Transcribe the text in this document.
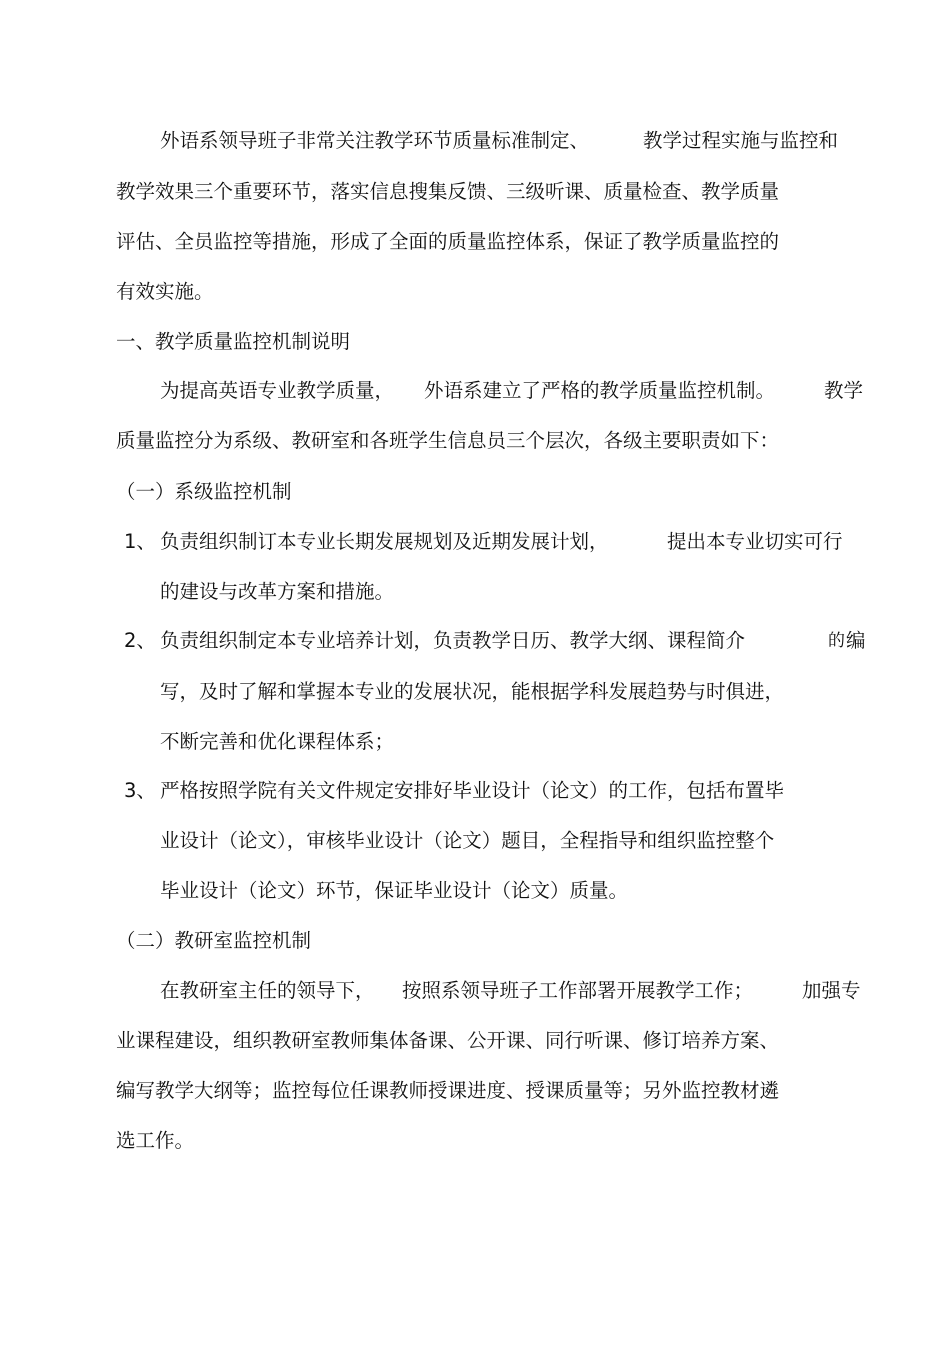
外语系领导班子非常关注教学环节质量标准制定、	教学过程实施与监控和
教学效果三个重要环节，落实信息搜集反馈、三级听课、质量检查、教学质量
评估、全员监控等措施，形成了全面的质量监控体系，保证了教学质量监控的
有效实施。
一、教学质量监控机制说明
为提高英语专业教学质量， 外语系建立了严格的教学质量监控机制。	教学
质量监控分为系级、教研室和各班学生信息员三个层次，各级主要职责如下：
（一）系级监控机制
1、 负责组织制订本专业长期发展规划及近期发展计划，	提出本专业切实可行
的建设与改革方案和措施。
2、 负责组织制定本专业培养计划，负责教学日历、教学大纲、课程简介	的 编
写，及时了解和掌握本专业的发展状况，能根据学科发展趋势与时俱进，
不断完善和优化课程体系；
3、 严格按照学院有关文件规定安排好毕业设计（论文）的工作，包括布置毕
业设计（论文），审核毕业设计（论文）题目，全程指导和组织监控整个
毕业设计（论文）环节，保证毕业设计（论文）质量。
（二）教研室监控机制
在教研室主任的领导下， 按照系领导班子工作部署开展教学工作；	加强专
业课程建设，组织教研室教师集体备课、公开课、同行听课、修订培养方案、
编写教学大纲等；监控每位任课教师授课进度、授课质量等；另外监控教材遴
选工作。
